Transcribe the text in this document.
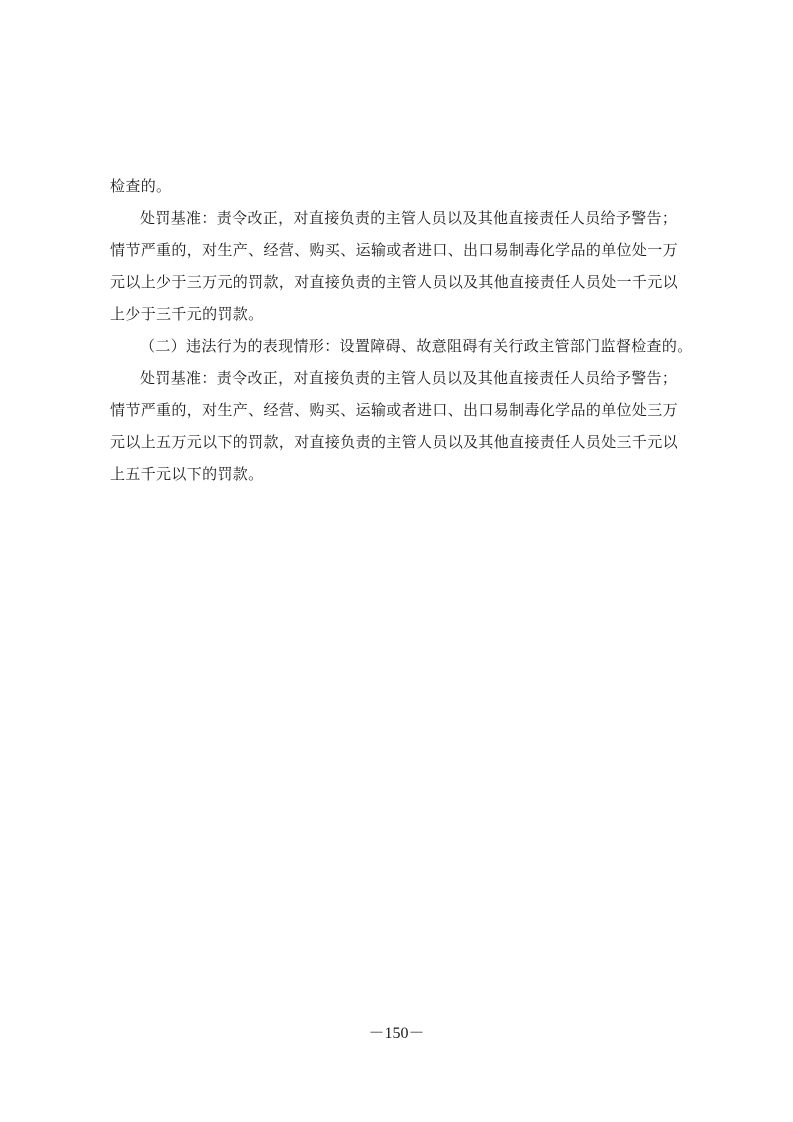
检查的。
处罚基准：责令改正，对直接负责的主管人员以及其他直接责任人员给予警告；
情节严重的，对生产、经营、购买、运输或者进口、出口易制毒化学品的单位处一万
元以上少于三万元的罚款，对直接负责的主管人员以及其他直接责任人员处一千元以
上少于三千元的罚款。
（二）违法行为的表现情形：设置障碍、故意阻碍有关行政主管部门监督检查的。
处罚基准：责令改正，对直接负责的主管人员以及其他直接责任人员给予警告；
情节严重的，对生产、经营、购买、运输或者进口、出口易制毒化学品的单位处三万
元以上五万元以下的罚款，对直接负责的主管人员以及其他直接责任人员处三千元以
上五千元以下的罚款。
－150－
